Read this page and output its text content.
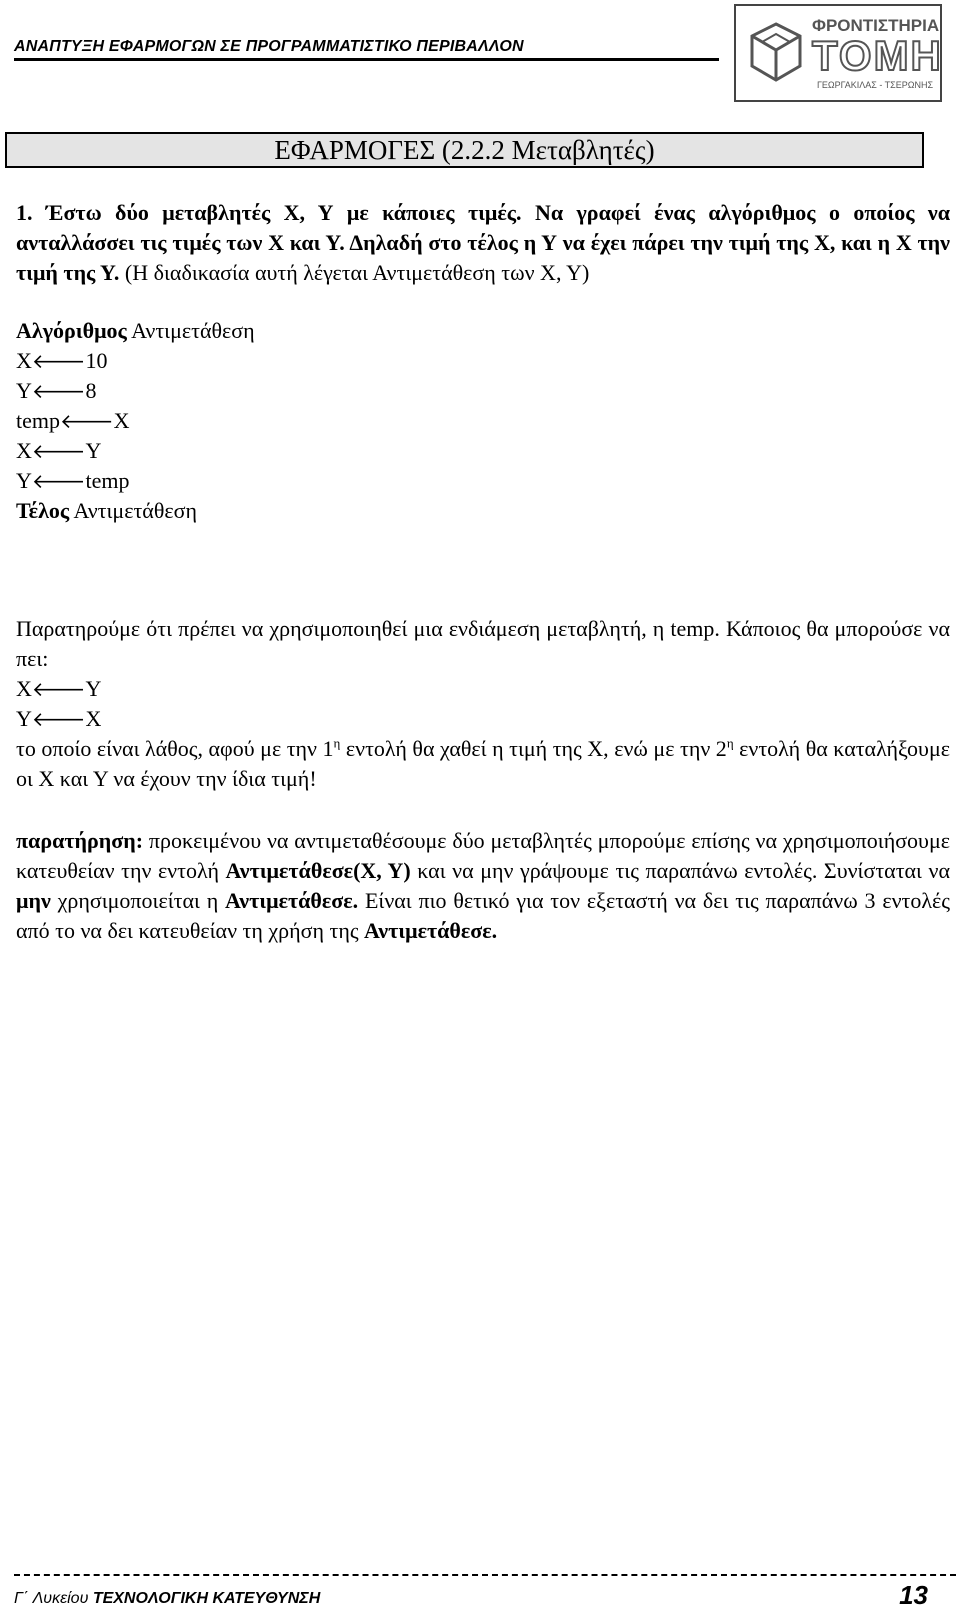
ΑΝΑΠΤΥΞΗ ΕΦΑΡΜΟΓΩΝ ΣΕ ΠΡΟΓΡΑΜΜΑΤΙΣΤΙΚΟ ΠΕΡΙΒΑΛΛΟΝ
ΦΡΟΝΤΙΣΤΗΡΙΑ
ΤΟΜΗ
ΓΕΩΡΓΑΚΙΛΑΣ - ΤΣΕΡΩΝΗΣ
ΕΦΑΡΜΟΓΕΣ (2.2.2 Μεταβλητές)

1. Έστω δύο μεταβλητές Χ, Υ με κάποιες τιμές. Να γραφεί ένας αλγόριθμος ο οποίος να ανταλλάσσει τις τιμές των Χ και Υ. Δηλαδή στο τέλος η Υ να έχει πάρει την τιμή της Χ, και η Χ την τιμή της Υ. (Η διαδικασία αυτή λέγεται Αντιμετάθεση των Χ, Υ)

Αλγόριθμος Αντιμετάθεση
X🡐10
Y🡐8
temp🡐X
X🡐Y
Y🡐temp
Τέλος Αντιμετάθεση

Παρατηρούμε ότι πρέπει να χρησιμοποιηθεί μια ενδιάμεση μεταβλητή, η temp. Κάποιος θα μπορούσε να πει:

X🡐Y
Y🡐X

το οποίο είναι λάθος, αφού με την $1^\eta$ εντολή θα χαθεί η τιμή της Χ, ενώ με την $2^\eta$ εντολή θα καταλήξουμε οι Χ και Υ να έχουν την ίδια τιμή!

παρατήρηση: προκειμένου να αντιμεταθέσουμε δύο μεταβλητές μπορούμε επίσης να χρησιμοποιήσουμε κατευθείαν την εντολή Αντιμετάθεσε(Χ, Υ) και να μην γράψουμε τις παραπάνω εντολές. Συνίσταται να μην χρησιμοποιείται η Αντιμετάθεσε. Είναι πιο θετικό για τον εξεταστή να δει τις παραπάνω 3 εντολές από το να δει κατευθείαν τη χρήση της Αντιμετάθεσε.
Γ΄ Λυκείου ΤΕΧΝΟΛΟΓΙΚΗ ΚΑΤΕΥΘΥΝΣΗ	13
